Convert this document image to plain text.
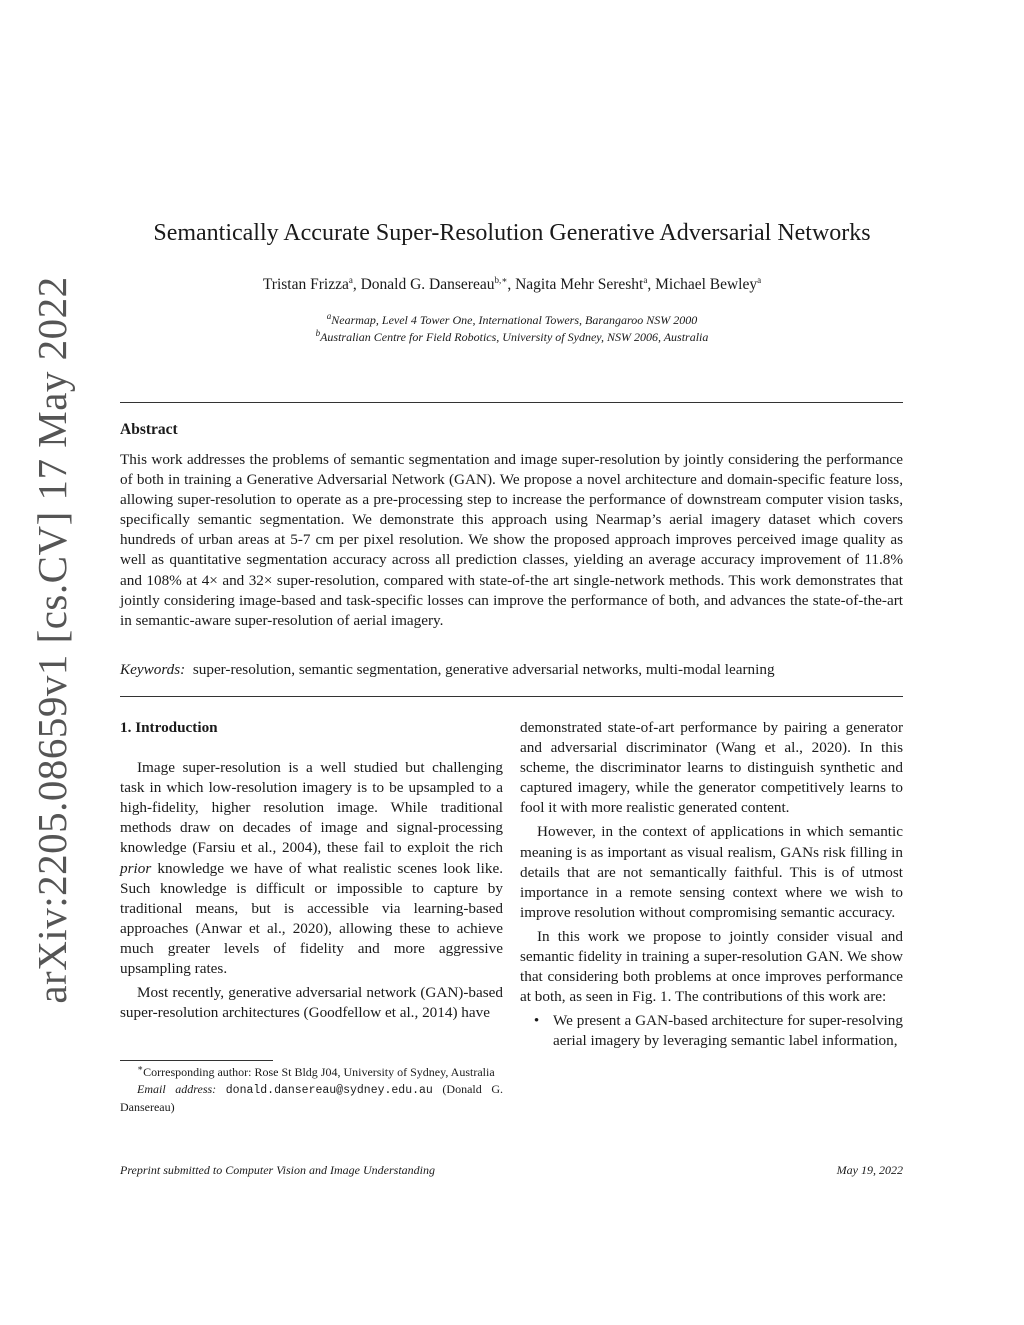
arXiv:2205.08659v1 [cs.CV] 17 May 2022
Semantically Accurate Super-Resolution Generative Adversarial Networks
Tristan Frizza$^a$, Donald G. Dansereau$^{b,∗}$, Nagita Mehr Seresht$^a$, Michael Bewley$^a$
$^a$Nearmap, Level 4 Tower One, International Towers, Barangaroo NSW 2000
$^b$Australian Centre for Field Robotics, University of Sydney, NSW 2006, Australia
Abstract
This work addresses the problems of semantic segmentation and image super-resolution by jointly considering the performance of both in training a Generative Adversarial Network (GAN). We propose a novel architecture and domain-specific feature loss, allowing super-resolution to operate as a pre-processing step to increase the performance of downstream computer vision tasks, specifically semantic segmentation. We demonstrate this approach using Nearmap’s aerial imagery dataset which covers hundreds of urban areas at 5-7 cm per pixel resolution. We show the proposed approach improves perceived image quality as well as quantitative segmentation accuracy across all prediction classes, yielding an average accuracy improvement of 11.8% and 108% at 4× and 32× super-resolution, compared with state-of-the art single-network methods. This work demonstrates that jointly considering image-based and task-specific losses can improve the performance of both, and advances the state-of-the-art in semantic-aware super-resolution of aerial imagery.
Keywords: super-resolution, semantic segmentation, generative adversarial networks, multi-modal learning
1. Introduction

Image super-resolution is a well studied but challenging task in which low-resolution imagery is to be upsampled to a high-fidelity, higher resolution image. While traditional methods draw on decades of image and signal-processing knowledge (Farsiu et al., 2004), these fail to exploit the rich prior knowledge we have of what realistic scenes look like. Such knowledge is difficult or impossible to capture by traditional means, but is accessible via learning-based approaches (Anwar et al., 2020), allowing these to achieve much greater levels of fidelity and more aggressive upsampling rates.

Most recently, generative adversarial network (GAN)-based super-resolution architectures (Goodfellow et al., 2014) have

demonstrated state-of-art performance by pairing a generator and adversarial discriminator (Wang et al., 2020). In this scheme, the discriminator learns to distinguish synthetic and captured imagery, while the generator competitively learns to fool it with more realistic generated content.

However, in the context of applications in which semantic meaning is as important as visual realism, GANs risk filling in details that are not semantically faithful. This is of utmost importance in a remote sensing context where we wish to improve resolution without compromising semantic accuracy.

In this work we propose to jointly consider visual and semantic fidelity in training a super-resolution GAN. We show that considering both problems at once improves performance at both, as seen in Fig. 1. The contributions of this work are:

• We present a GAN-based architecture for super-resolving aerial imagery by leveraging semantic label information,

∗Corresponding author: Rose St Bldg J04, University of Sydney, Australia

Email address: donald.dansereau@sydney.edu.au (Donald G. Dansereau)

Preprint submitted to Computer Vision and Image Understanding	May 19, 2022
